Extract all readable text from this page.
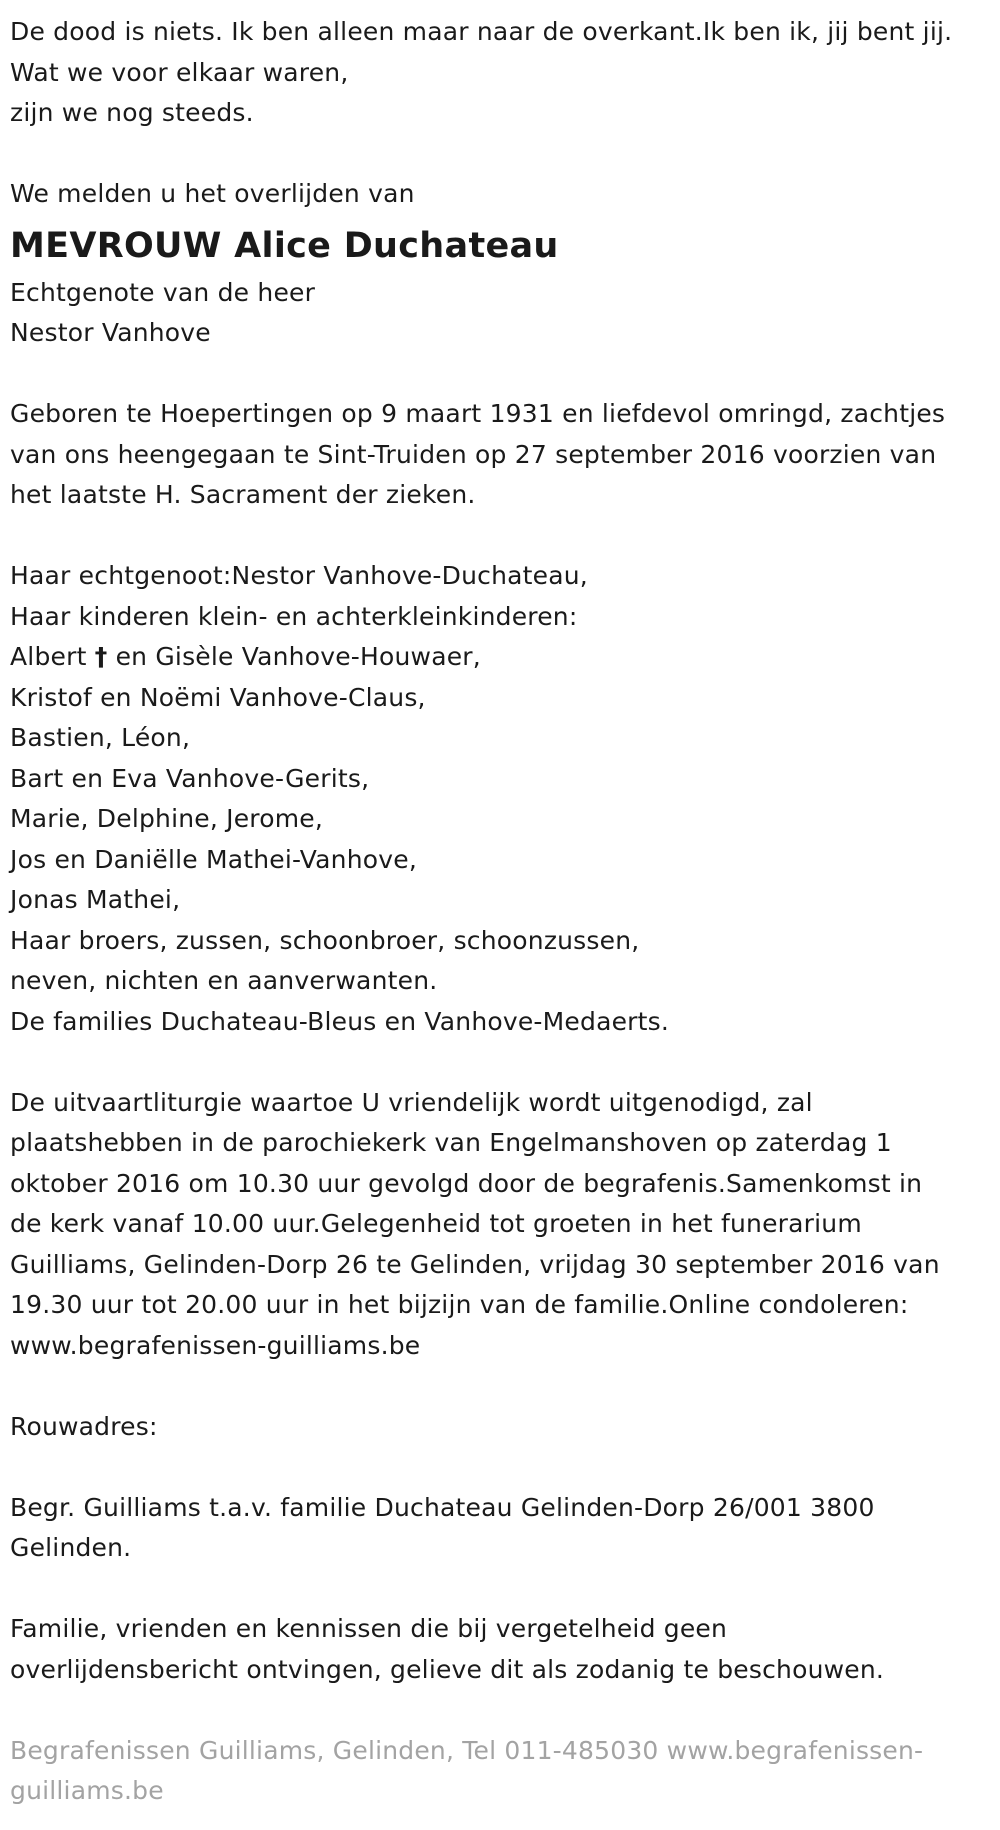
De dood is niets. Ik ben alleen maar naar de overkant.Ik ben ik, jij bent jij.
Wat we voor elkaar waren,
zijn we nog steeds.
We melden u het overlijden van
MEVROUW Alice Duchateau
Echtgenote van de heer
Nestor Vanhove
Geboren te Hoepertingen op 9 maart 1931 en liefdevol omringd, zachtjes
van ons heengegaan te Sint-Truiden op 27 september 2016 voorzien van
het laatste H. Sacrament der zieken.
Haar echtgenoot:Nestor Vanhove-Duchateau,
Haar kinderen klein- en achterkleinkinderen:
Albert † en Gisèle Vanhove-Houwaer,
Kristof en Noëmi Vanhove-Claus,
Bastien, Léon,
Bart en Eva Vanhove-Gerits,
Marie, Delphine, Jerome,
Jos en Daniëlle Mathei-Vanhove,
Jonas Mathei,
Haar broers, zussen, schoonbroer, schoonzussen,
neven, nichten en aanverwanten.
De families Duchateau-Bleus en Vanhove-Medaerts.
De uitvaartliturgie waartoe U vriendelijk wordt uitgenodigd, zal
plaatshebben in de parochiekerk van Engelmanshoven op zaterdag 1
oktober 2016 om 10.30 uur gevolgd door de begrafenis.Samenkomst in
de kerk vanaf 10.00 uur.Gelegenheid tot groeten in het funerarium
Guilliams, Gelinden-Dorp 26 te Gelinden, vrijdag 30 september 2016 van
19.30 uur tot 20.00 uur in het bijzijn van de familie.Online condoleren:
www.begrafenissen-guilliams.be
Rouwadres:
Begr. Guilliams t.a.v. familie Duchateau Gelinden-Dorp 26/001 3800
Gelinden.
Familie, vrienden en kennissen die bij vergetelheid geen
overlijdensbericht ontvingen, gelieve dit als zodanig te beschouwen.
Begrafenissen Guilliams, Gelinden, Tel 011-485030 www.begrafenissen-
guilliams.be
